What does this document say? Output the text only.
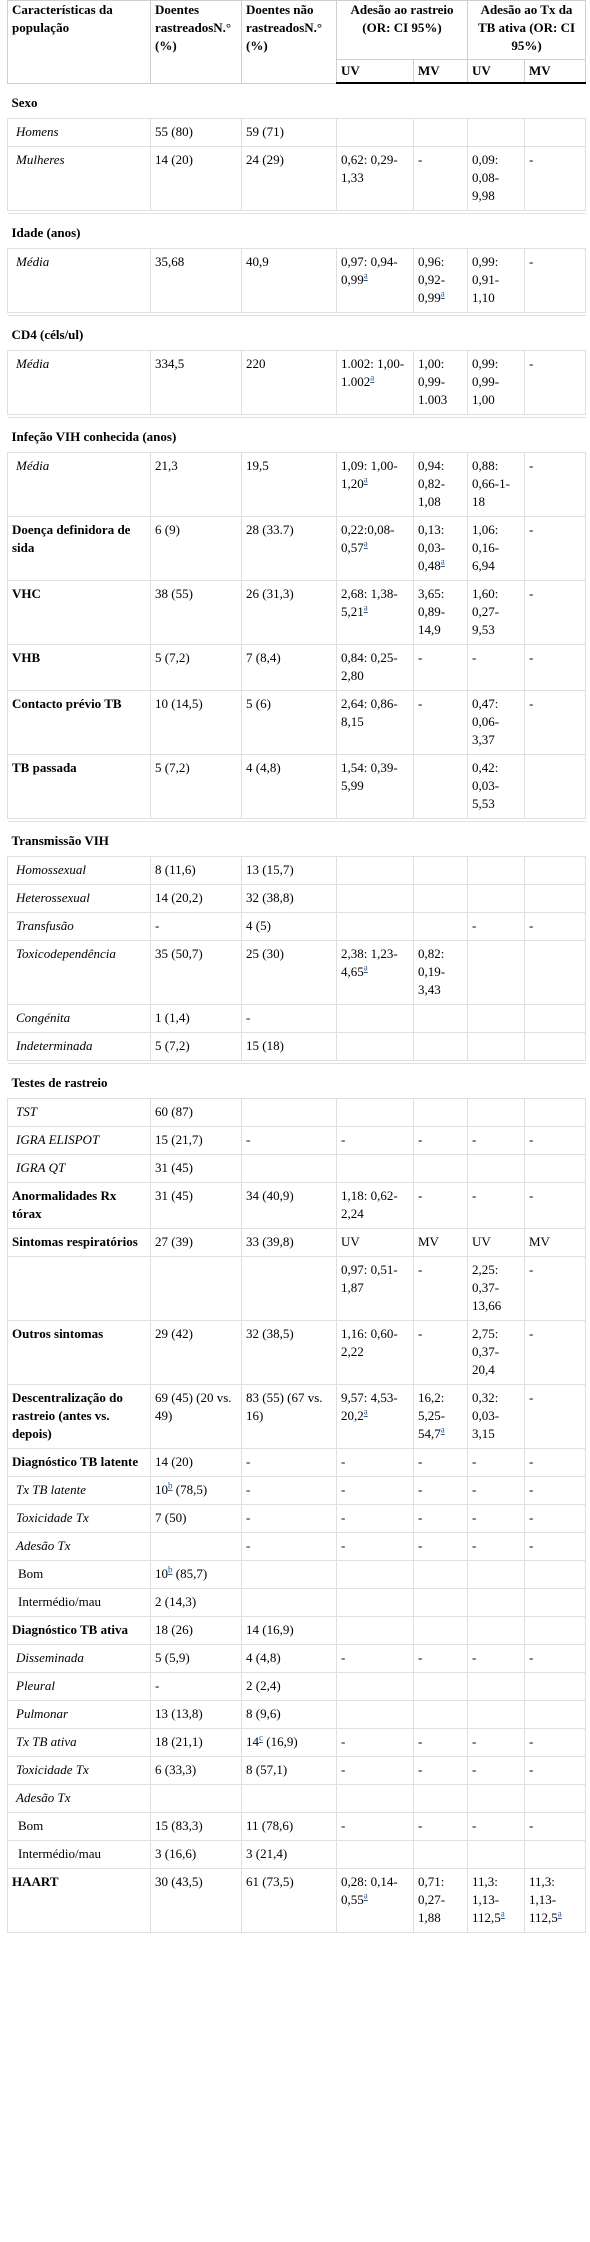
Características da população	Doentes rastreadosN.° (%)	Doentes não rastreadosN.° (%)	Adesão ao rastreio (OR: CI 95%)		Adesão ao Tx da TB ativa (OR: CI 95%)	
			UV	MV	UV	MV
Sexo						
Homens	55 (80)	59 (71)				
Mulheres	14 (20)	24 (29)	0,62: 0,29-1,33	-	0,09: 0,08-9,98	-

Idade (anos)						
Média	35,68	40,9	0,97: 0,94-0,99$^a$	0,96: 0,92-0,99$^a$	0,99: 0,91-1,10	-

CD4 (céls/ul)						
Média	334,5	220	1.002: 1,00-1.002$^a$	1,00: 0,99-1.003	0,99: 0,99-1,00	-

Infeção VIH conhecida (anos)						
Média	21,3	19,5	1,09: 1,00-1,20$^a$	0,94: 0,82-1,08	0,88: 0,66-1-18	-
Doença definidora de sida	6 (9)	28 (33.7)	0,22:0,08-0,57$^a$	0,13: 0,03-0,48$^a$	1,06: 0,16-6,94	-
VHC	38 (55)	26 (31,3)	2,68: 1,38-5,21$^a$	3,65: 0,89-14,9	1,60: 0,27-9,53	-
VHB	5 (7,2)	7 (8,4)	0,84: 0,25-2,80	-	-	-
Contacto prévio TB	10 (14,5)	5 (6)	2,64: 0,86-8,15	-	0,47: 0,06-3,37	-
TB passada	5 (7,2)	4 (4,8)	1,54: 0,39-5,99		0,42: 0,03-5,53	

Transmissão VIH						
Homossexual	8 (11,6)	13 (15,7)				
Heterossexual	14 (20,2)	32 (38,8)				
Transfusão	-	4 (5)			-	-
Toxicodependência	35 (50,7)	25 (30)	2,38: 1,23-4,65$^a$	0,82: 0,19-3,43		
Congénita	1 (1,4)	-				
Indeterminada	5 (7,2)	15 (18)				

Testes de rastreio						
TST	60 (87)					
IGRA ELISPOT	15 (21,7)	-	-	-	-	-
IGRA QT	31 (45)					
Anormalidades Rx tórax	31 (45)	34 (40,9)	1,18: 0,62-2,24	-	-	-
Sintomas respiratórios	27 (39)	33 (39,8)	UV	MV	UV	MV
			0,97: 0,51-1,87	-	2,25: 0,37-13,66	-
Outros sintomas	29 (42)	32 (38,5)	1,16: 0,60-2,22	-	2,75: 0,37-20,4	-
Descentralização do rastreio (antes vs. depois)	69 (45) (20 vs. 49)	83 (55) (67 vs. 16)	9,57: 4,53-20,2$^a$	16,2: 5,25-54,7$^a$	0,32: 0,03-3,15	-
Diagnóstico TB latente	14 (20)	-	-	-	-	-
Tx TB latente	10$^b$ (78,5)	-	-	-	-	-
Toxicidade Tx	7 (50)	-	-	-	-	-
Adesão Tx		-	-	-	-	-
Bom	10$^b$ (85,7)					
Intermédio/mau	2 (14,3)					
Diagnóstico TB ativa	18 (26)	14 (16,9)				
Disseminada	5 (5,9)	4 (4,8)	-	-	-	-
Pleural	-	2 (2,4)				
Pulmonar	13 (13,8)	8 (9,6)				
Tx TB ativa	18 (21,1)	14$^c$ (16,9)	-	-	-	-
Toxicidade Tx	6 (33,3)	8 (57,1)	-	-	-	-
Adesão Tx						
Bom	15 (83,3)	11 (78,6)	-	-	-	-
Intermédio/mau	3 (16,6)	3 (21,4)				
HAART	30 (43,5)	61 (73,5)	0,28: 0,14-0,55$^a$	0,71: 0,27-1,88	11,3: 1,13-112,5$^a$	11,3: 1,13-112,5$^a$
